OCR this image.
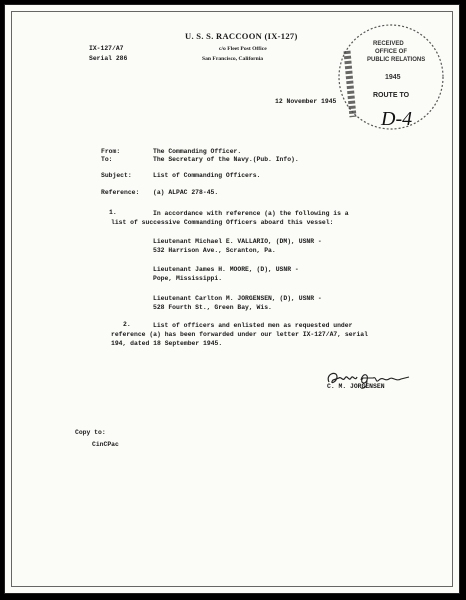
U. S. S. RACCOON (IX-127)
c/o Fleet Post Office
San Francisco, California
IX-127/A7
Serial 286
12 November 1945
From:	The Commanding Officer.
To:	The Secretary of the Navy.(Pub. Info).
Subject:	List of Commanding Officers.
Reference: (a) ALPAC 278-45.
1.	In accordance with reference (a) the following is a
list of successive Commanding Officers aboard this vessel:
Lieutenant Michael E. VALLARIO, (DM), USNR -
532 Harrison Ave., Scranton, Pa.
Lieutenant James H. MOORE, (D), USNR -
Pope, Mississippi.
Lieutenant Carlton M. JORGENSEN, (D), USNR -
528 Fourth St., Green Bay, Wis.
2.	List of officers and enlisted men as requested under
reference (a) has been forwarded under our letter IX-127/A7, serial
194, dated 18 September 1945.
C. M. JORGENSEN
Copy to:
CinCPac
RECEIVED
OFFICE OF
PUBLIC RELATIONS
1945
ROUTE TO
D-4
